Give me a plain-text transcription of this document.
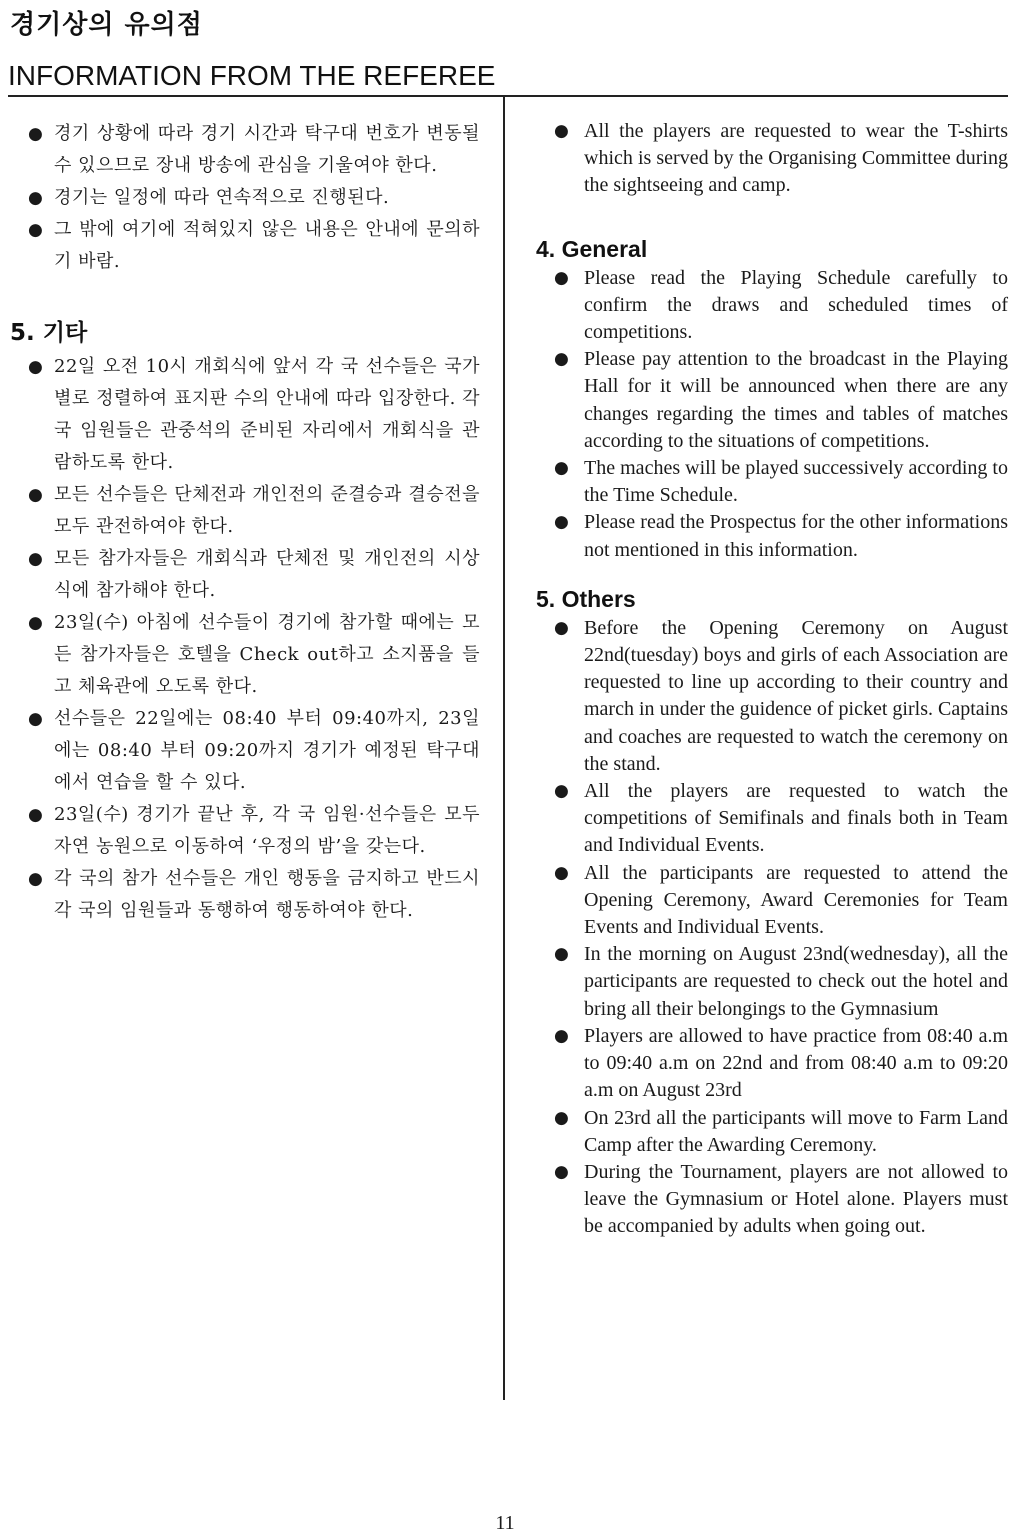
경기상의 유의점
INFORMATION FROM THE REFEREE
● 경기 상황에 따라 경기 시간과 탁구대 번호가 변동될 수 있으므로 장내 방송에 관심을 기울여야 한다.
● 경기는 일정에 따라 연속적으로 진행된다.
● 그 밖에 여기에 적혀있지 않은 내용은 안내에 문의하기 바람.
5. 기타
● 22일 오전 10시 개회식에 앞서 각 국 선수들은 국가별로 정렬하여 표지판 수의 안내에 따라 입장한다. 각 국 임원들은 관중석의 준비된 자리에서 개회식을 관람하도록 한다.
● 모든 선수들은 단체전과 개인전의 준결승과 결승전을 모두 관전하여야 한다.
● 모든 참가자들은 개회식과 단체전 및 개인전의 시상식에 참가해야 한다.
● 23일(수) 아침에 선수들이 경기에 참가할 때에는 모든 참가자들은 호텔을 Check out하고 소지품을 들고 체육관에 오도록 한다.
● 선수들은 22일에는 08:40 부터 09:40까지, 23일에는 08:40 부터 09:20까지 경기가 예정된 탁구대에서 연습을 할 수 있다.
● 23일(수) 경기가 끝난 후, 각 국 임원·선수들은 모두 자연 농원으로 이동하여 ‘우정의 밤’을 갖는다.
● 각 국의 참가 선수들은 개인 행동을 금지하고 반드시 각 국의 임원들과 동행하여 행동하여야 한다.
● All the players are requested to wear the T-shirts which is served by the Organising Committee during the sightseeing and camp.
4. General
● Please read the Playing Schedule carefully to confirm the draws and scheduled times of competitions.
● Please pay attention to the broadcast in the Playing Hall for it will be announced when there are any changes regarding the times and tables of matches according to the situations of competitions.
● The maches will be played successively according to the Time Schedule.
● Please read the Prospectus for the other informations not mentioned in this information.
5. Others
● Before the Opening Ceremony on August 22nd(tuesday) boys and girls of each Association are requested to line up according to their country and march in under the guidence of picket girls. Captains and coaches are requested to watch the ceremony on the stand.
● All the players are requested to watch the competitions of Semifinals and finals both in Team and Individual Events.
● All the participants are requested to attend the Opening Ceremony, Award Ceremonies for Team Events and Individual Events.
● In the morning on August 23nd(wednesday), all the participants are requested to check out the hotel and bring all their belongings to the Gymnasium
● Players are allowed to have practice from 08:40 a.m to 09:40 a.m on 22nd and from 08:40 a.m to 09:20 a.m on August 23rd
● On 23rd all the participants will move to Farm Land Camp after the Awarding Ceremony.
● During the Tournament, players are not allowed to leave the Gymnasium or Hotel alone. Players must be accompanied by adults when going out.
11
